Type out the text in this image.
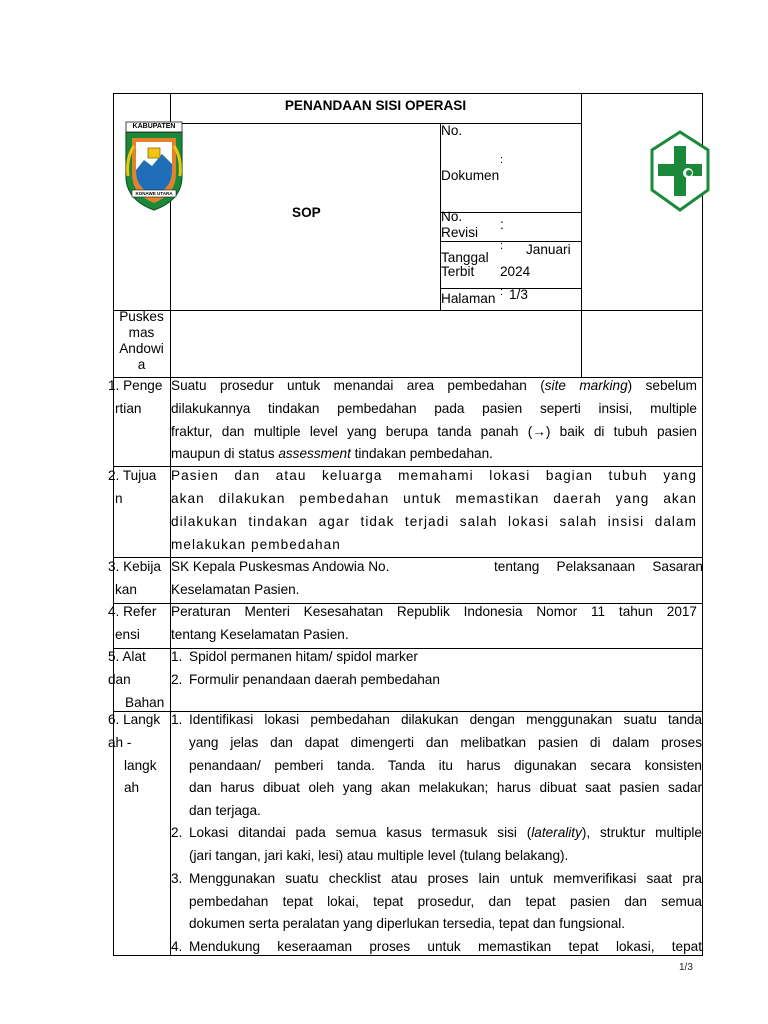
PENANDAAN SISI OPERASI
KABUPATEN
KONAWE UTARA
SOP
No.
:
Dokumen
No.
Revisi
:
: Januari
Tanggal
Terbit 2024
Halaman : 1/3
Puskes
mas
Andowi
a
1. Penge
rtian
Suatu prosedur untuk menandai area pembedahan (site marking) sebelum
dilakukannya tindakan pembedahan pada pasien seperti insisi, multiple
fraktur, dan multiple level yang berupa tanda panah (→) baik di tubuh pasien
maupun di status assessment tindakan pembedahan.
2. Tujua
n
Pasien dan atau keluarga memahami lokasi bagian tubuh yang
akan dilakukan pembedahan untuk memastikan daerah yang akan
dilakukan tindakan agar tidak terjadi salah lokasi salah insisi dalam
melakukan pembedahan
3. Kebija
kan
SK Kepala Puskesmas Andowia No.	tentang Pelaksanaan Sasaran
Keselamatan Pasien.
4. Refer
ensi
Peraturan Menteri Kesesahatan Republik Indonesia Nomor 11 tahun 2017
tentang Keselamatan Pasien.
5. Alat
dan
Bahan
1. Spidol permanen hitam/ spidol marker
2. Formulir penandaan daerah pembedahan
6. Langk
ah -
langk
ah
1. Identifikasi lokasi pembedahan dilakukan dengan menggunakan suatu tanda
yang jelas dan dapat dimengerti dan melibatkan pasien di dalam proses
penandaan/ pemberi tanda. Tanda itu harus digunakan secara konsisten
dan harus dibuat oleh yang akan melakukan; harus dibuat saat pasien sadar
dan terjaga.
2. Lokasi ditandai pada semua kasus termasuk sisi (laterality), struktur multiple
(jari tangan, jari kaki, lesi) atau multiple level (tulang belakang).
3. Menggunakan suatu checklist atau proses lain untuk memverifikasi saat pra
pembedahan tepat lokai, tepat prosedur, dan tepat pasien dan semua
dokumen serta peralatan yang diperlukan tersedia, tepat dan fungsional.
4. Mendukung keseraaman proses untuk memastikan tepat lokasi, tepat
1/3
